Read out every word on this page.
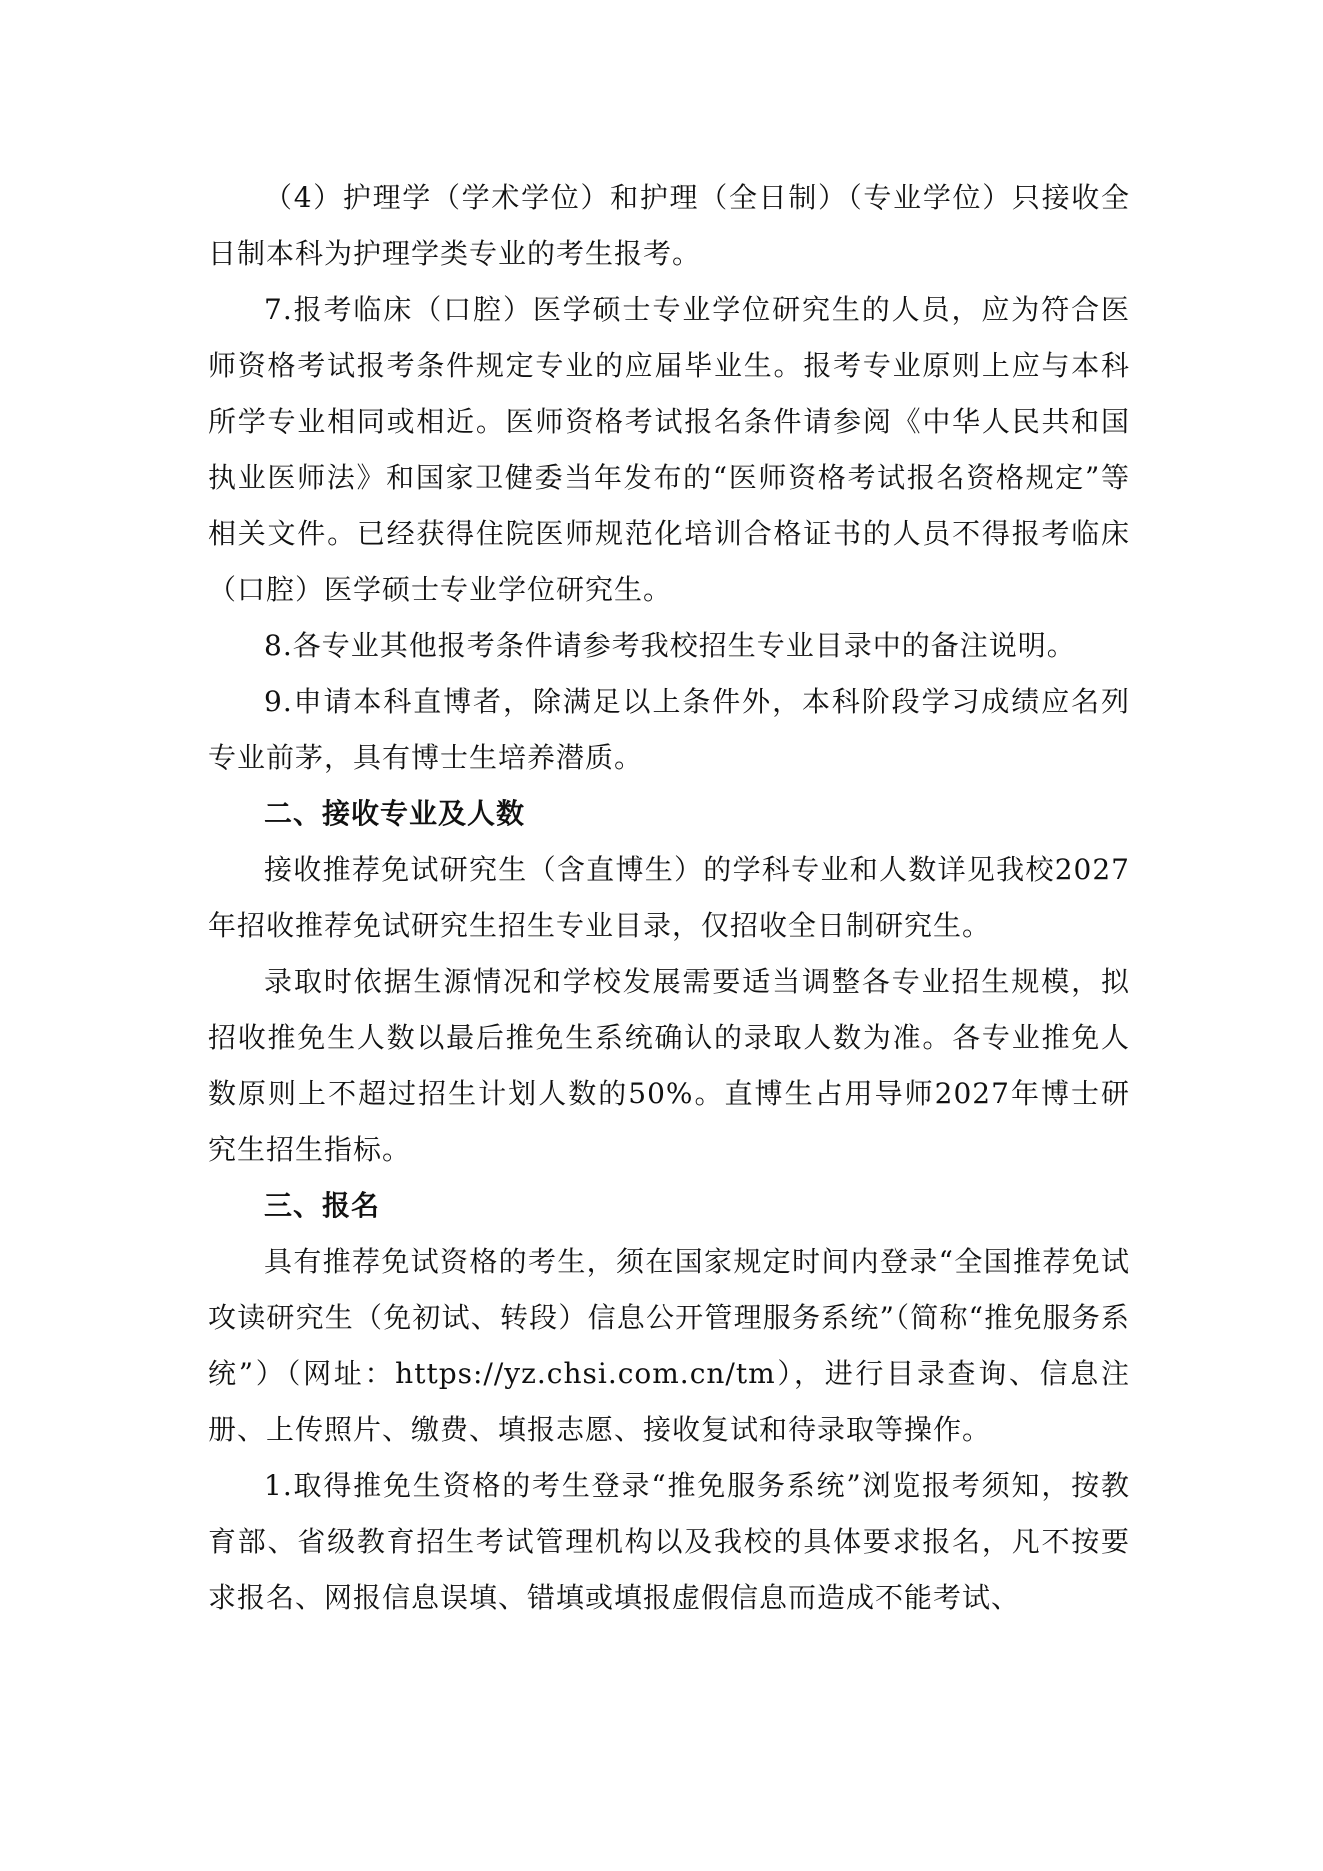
（4）护理学（学术学位）和护理（全日制）（专业学位）只接收全日制本科为护理学类专业的考生报考。

7.报考临床（口腔）医学硕士专业学位研究生的人员，应为符合医师资格考试报考条件规定专业的应届毕业生。报考专业原则上应与本科所学专业相同或相近。医师资格考试报名条件请参阅《中华人民共和国执业医师法》和国家卫健委当年发布的“医师资格考试报名资格规定”等相关文件。已经获得住院医师规范化培训合格证书的人员不得报考临床（口腔）医学硕士专业学位研究生。

8.各专业其他报考条件请参考我校招生专业目录中的备注说明。

9.申请本科直博者，除满足以上条件外，本科阶段学习成绩应名列专业前茅，具有博士生培养潜质。

二、接收专业及人数

接收推荐免试研究生（含直博生）的学科专业和人数详见我校2027年招收推荐免试研究生招生专业目录，仅招收全日制研究生。

录取时依据生源情况和学校发展需要适当调整各专业招生规模，拟招收推免生人数以最后推免生系统确认的录取人数为准。各专业推免人数原则上不超过招生计划人数的50%。直博生占用导师2027年博士研究生招生指标。

三、报名

具有推荐免试资格的考生，须在国家规定时间内登录“全国推荐免试攻读研究生（免初试、转段）信息公开管理服务系统”（简称“推免服务系统”）（网址：https://yz.chsi.com.cn/tm），进行目录查询、信息注册、上传照片、缴费、填报志愿、接收复试和待录取等操作。

1.取得推免生资格的考生登录“推免服务系统”浏览报考须知，按教育部、省级教育招生考试管理机构以及我校的具体要求报名，凡不按要求报名、网报信息误填、错填或填报虚假信息而造成不能考试、
